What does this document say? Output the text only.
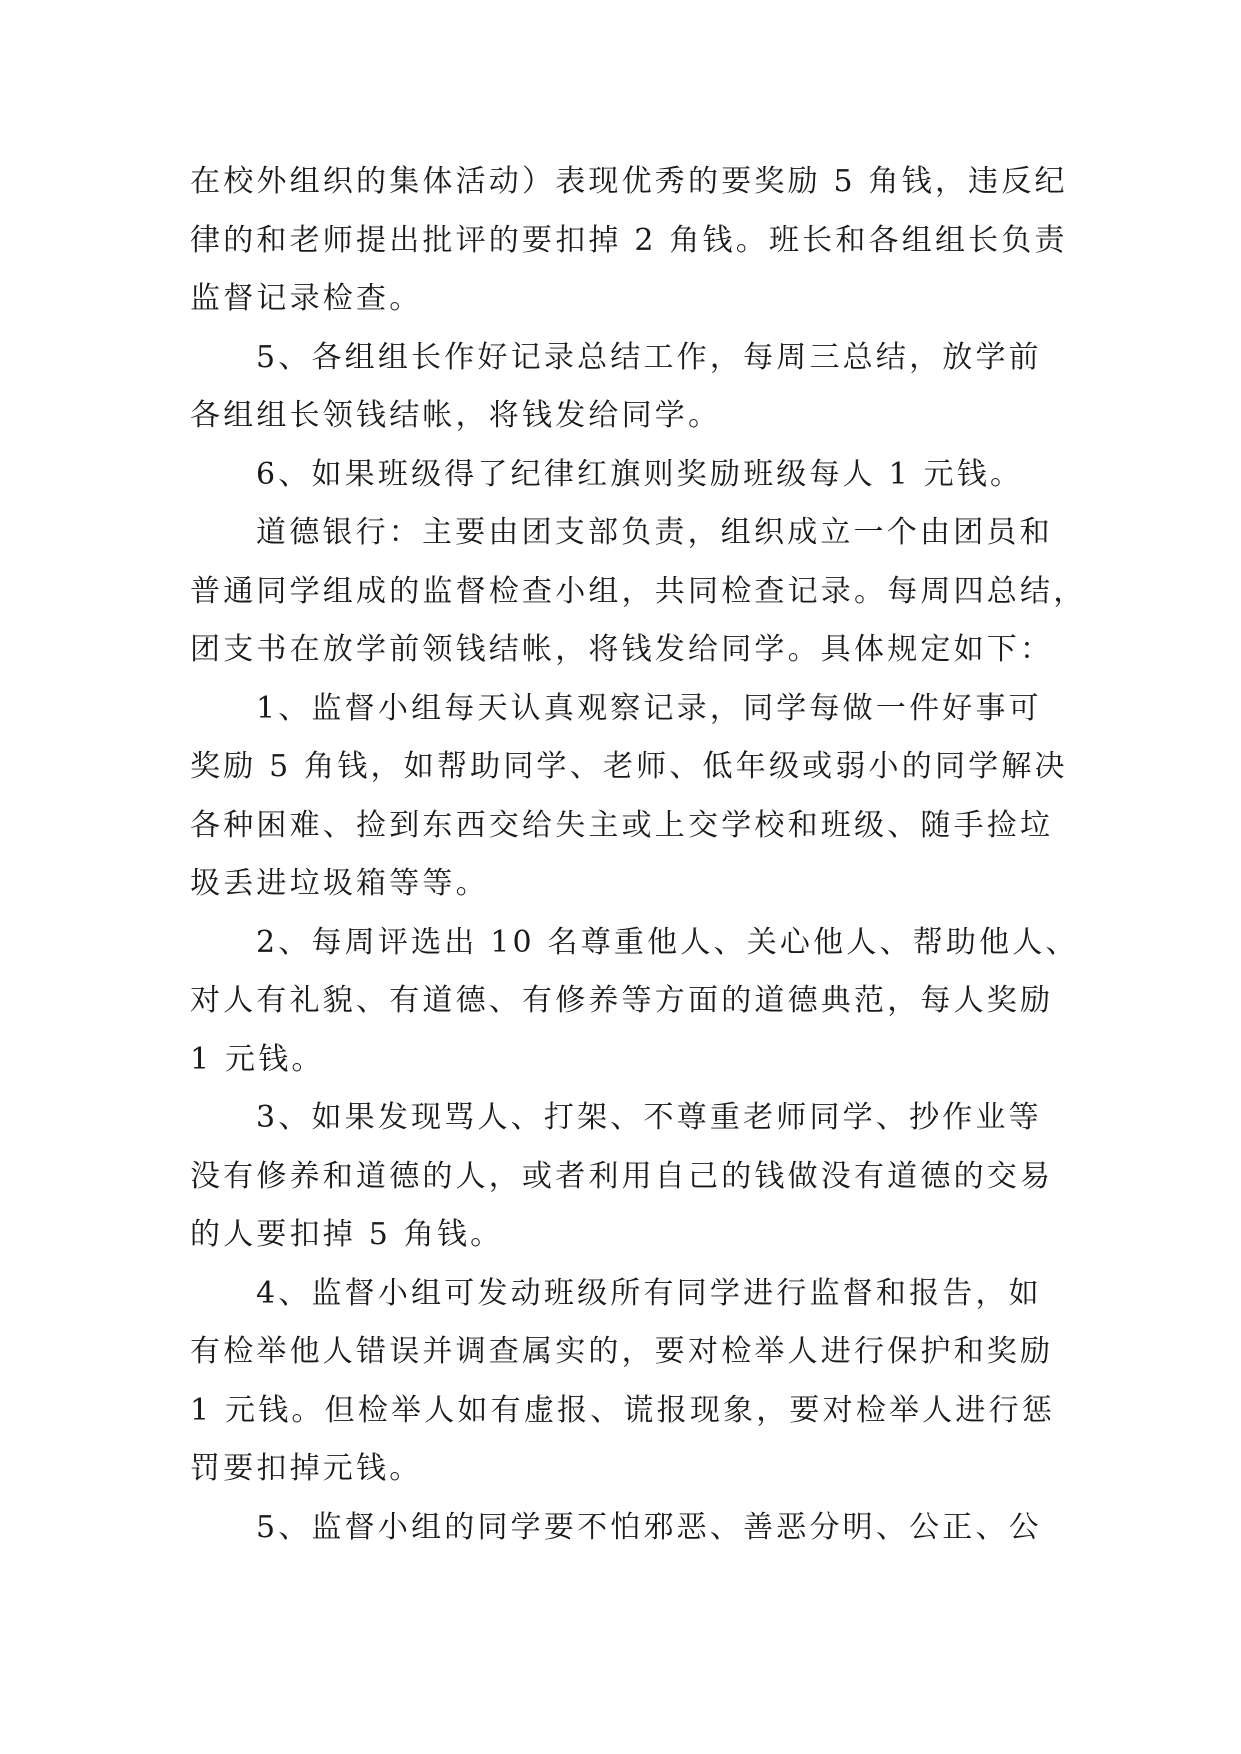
在校外组织的集体活动）表现优秀的要奖励 5 角钱，违反纪
律的和老师提出批评的要扣掉 2 角钱。班长和各组组长负责
监督记录检查。
5、各组组长作好记录总结工作，每周三总结，放学前
各组组长领钱结帐，将钱发给同学。
6、如果班级得了纪律红旗则奖励班级每人 1 元钱。
道德银行：主要由团支部负责，组织成立一个由团员和
普通同学组成的监督检查小组，共同检查记录。每周四总结，
团支书在放学前领钱结帐，将钱发给同学。具体规定如下：
1、监督小组每天认真观察记录，同学每做一件好事可
奖励 5 角钱，如帮助同学、老师、低年级或弱小的同学解决
各种困难、捡到东西交给失主或上交学校和班级、随手捡垃
圾丢进垃圾箱等等。
2、每周评选出 10 名尊重他人、关心他人、帮助他人、
对人有礼貌、有道德、有修养等方面的道德典范，每人奖励
1 元钱。
3、如果发现骂人、打架、不尊重老师同学、抄作业等
没有修养和道德的人，或者利用自己的钱做没有道德的交易
的人要扣掉 5 角钱。
4、监督小组可发动班级所有同学进行监督和报告，如
有检举他人错误并调查属实的，要对检举人进行保护和奖励
1 元钱。但检举人如有虚报、谎报现象，要对检举人进行惩
罚要扣掉元钱。
5、监督小组的同学要不怕邪恶、善恶分明、公正、公
